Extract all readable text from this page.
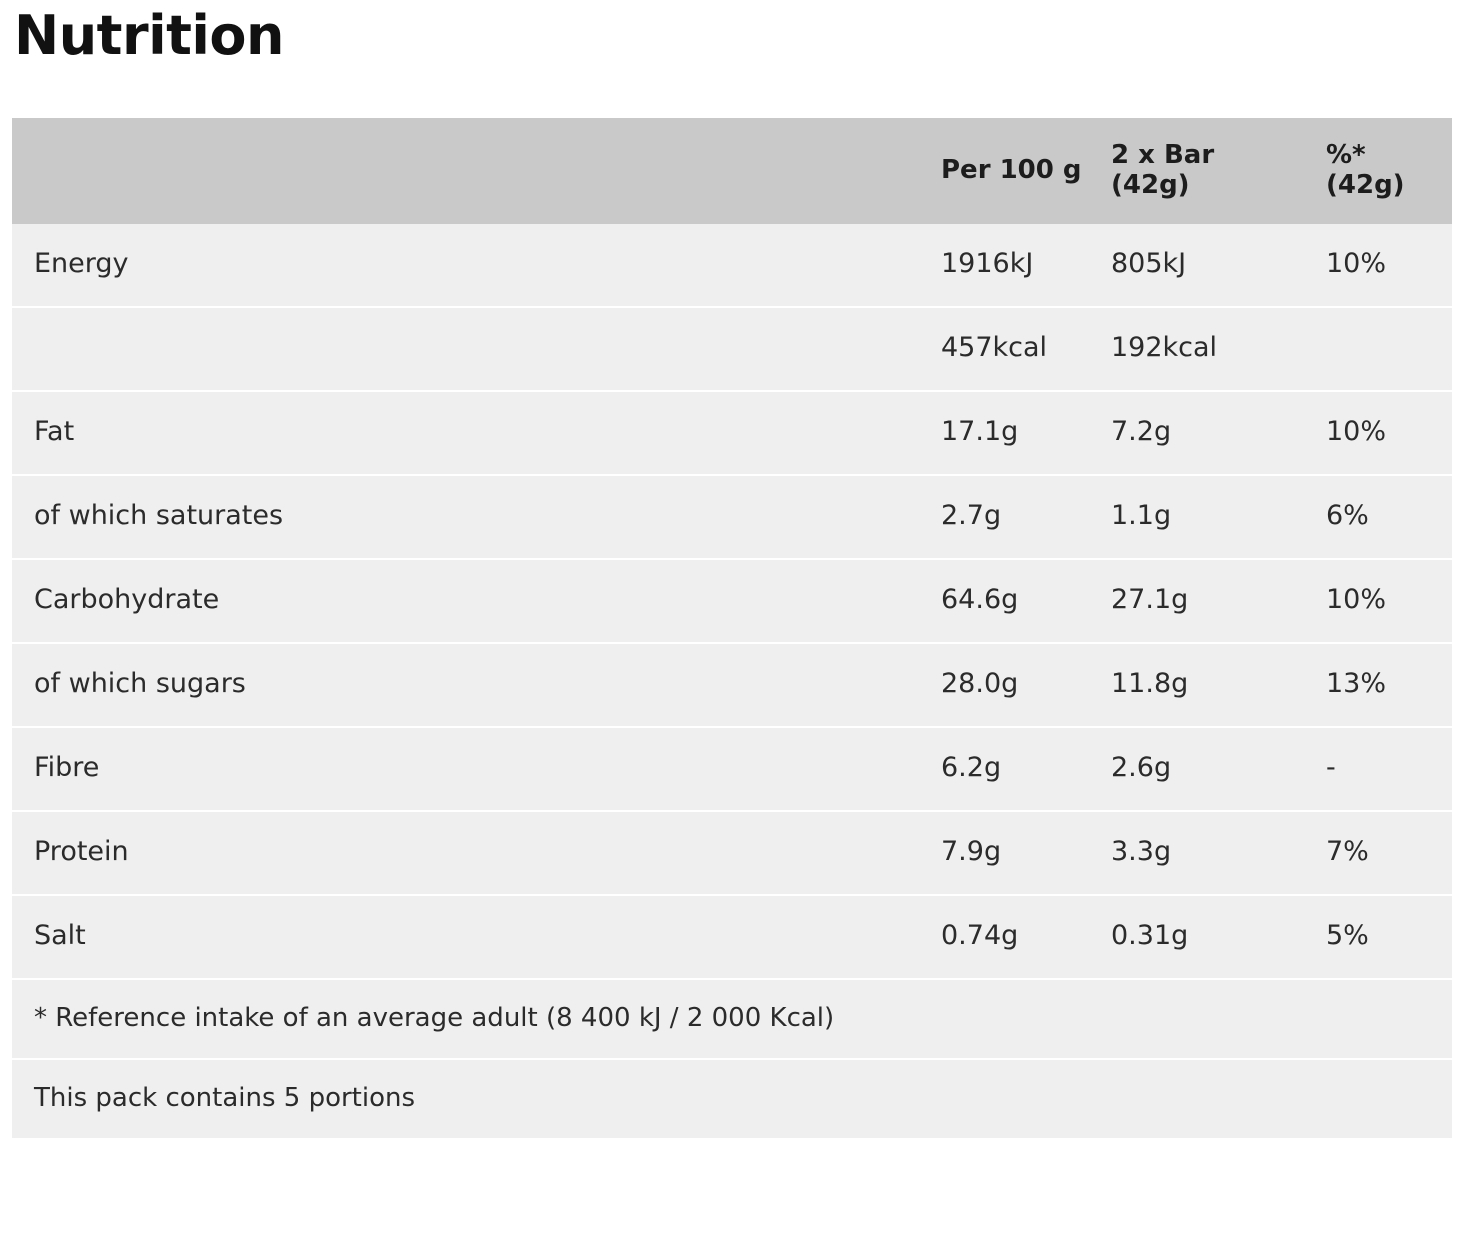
Nutrition
	Per 100 g	2 x Bar (42g)	%* (42g)
Energy	1916kJ	805kJ	10%
	457kcal	192kcal	
Fat	17.1g	7.2g	10%
of which saturates	2.7g	1.1g	6%
Carbohydrate	64.6g	27.1g	10%
of which sugars	28.0g	11.8g	13%
Fibre	6.2g	2.6g	-
Protein	7.9g	3.3g	7%
Salt	0.74g	0.31g	5%
* Reference intake of an average adult (8 400 kJ / 2 000 Kcal)			
This pack contains 5 portions			
